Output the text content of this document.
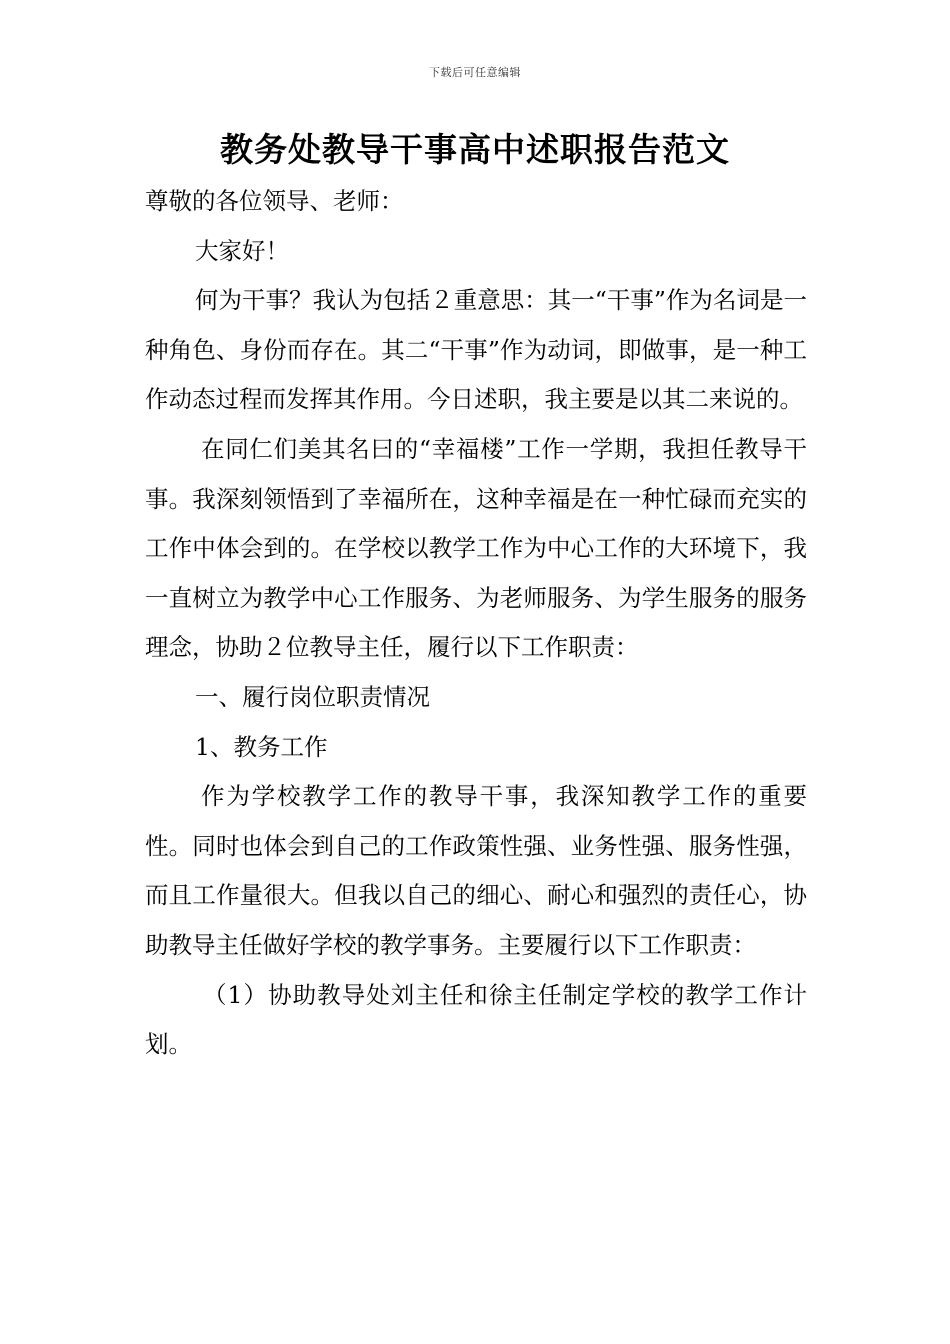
下载后可任意编辑
教务处教导干事高中述职报告范文

尊敬的各位领导、老师：

大家好！

何为干事？我认为包括２重意思：其一“干事”作为名词是一种角色、身份而存在。其二“干事”作为动词，即做事，是一种工作动态过程而发挥其作用。今日述职，我主要是以其二来说的。

在同仁们美其名曰的“幸福楼”工作一学期，我担任教导干事。我深刻领悟到了幸福所在，这种幸福是在一种忙碌而充实的工作中体会到的。在学校以教学工作为中心工作的大环境下，我一直树立为教学中心工作服务、为老师服务、为学生服务的服务理念，协助２位教导主任，履行以下工作职责：

一、履行岗位职责情况

1、教务工作

作为学校教学工作的教导干事，我深知教学工作的重要性。同时也体会到自己的工作政策性强、业务性强、服务性强，而且工作量很大。但我以自己的细心、耐心和强烈的责任心，协助教导主任做好学校的教学事务。主要履行以下工作职责：

（1）协助教导处刘主任和徐主任制定学校的教学工作计划。
